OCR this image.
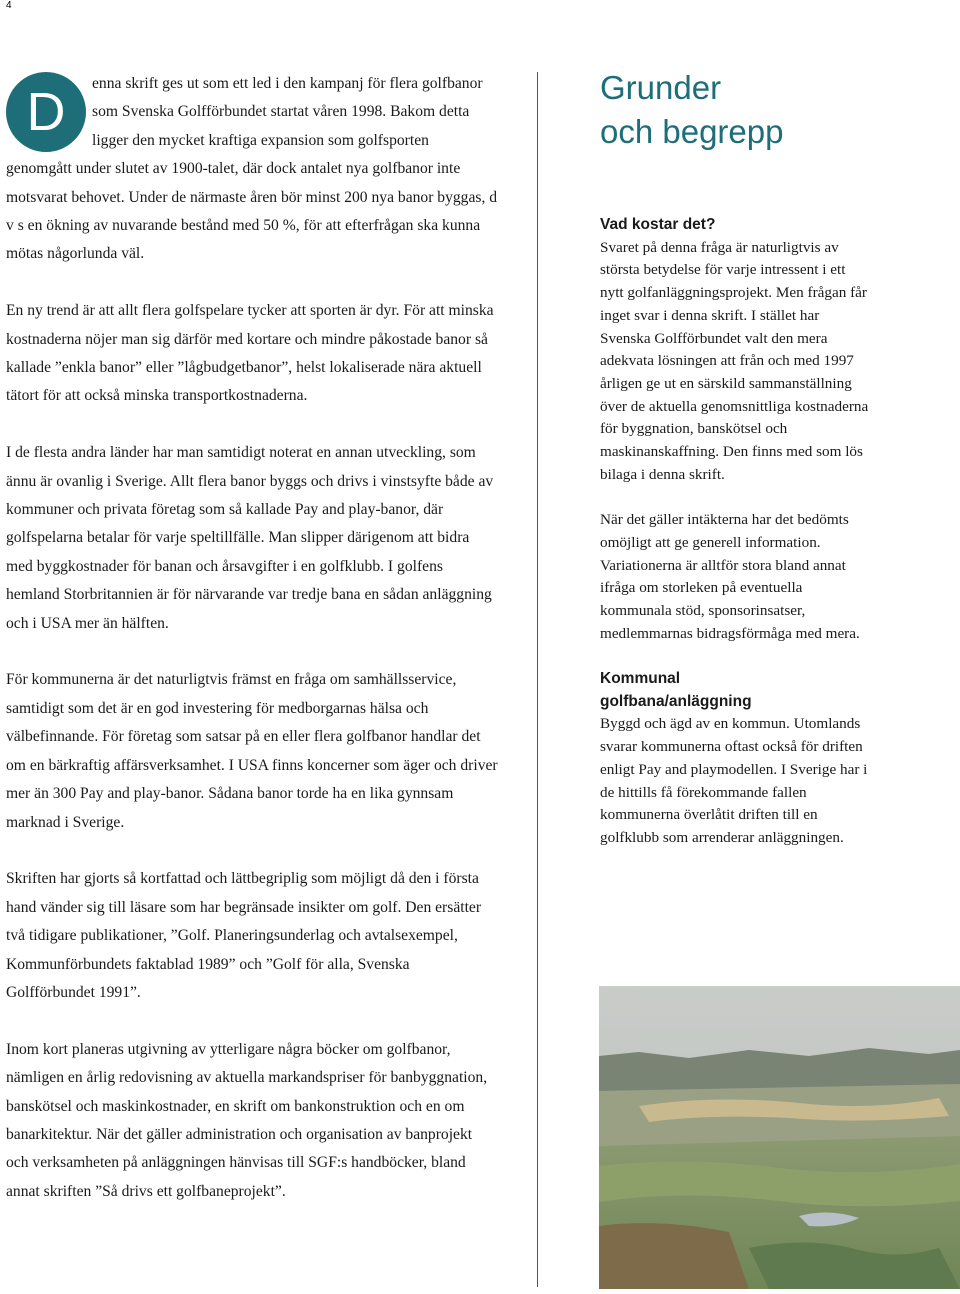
4

D	enna skrift ges ut som ett led i den kampanj för flera golfbanor som Svenska Golfförbundet startat våren 1998. Bakom detta ligger den mycket kraftiga expansion som golfsporten genomgått under slutet av 1900-talet, där dock antalet nya golfbanor inte motsvarat behovet. Under de närmaste åren bör minst 200 nya banor byggas, d v s en ökning av nuvarande bestånd med 50 %, för att efterfrågan ska kunna mötas någorlunda väl.

En ny trend är att allt flera golfspelare tycker att sporten är dyr. För att minska kostnaderna nöjer man sig därför med kortare och mindre påkostade banor så kallade ”enkla banor” eller ”lågbudgetbanor”, helst lokaliserade nära aktuell tätort för att också minska transportkostnaderna.

I de flesta andra länder har man samtidigt noterat en annan utveckling, som ännu är ovanlig i Sverige. Allt flera banor byggs och drivs i vinstsyfte både av kommuner och privata företag som så kallade Pay and play-banor, där golfspelarna betalar för varje speltillfälle. Man slipper därigenom att bidra med byggkostnader för banan och årsavgifter i en golfklubb. I golfens hemland Storbritannien är för närvarande var tredje bana en sådan anläggning och i USA mer än hälften.

För kommunerna är det naturligtvis främst en fråga om samhällsservice, samtidigt som det är en god investering för medborgarnas hälsa och välbefinnande. För företag som satsar på en eller flera golfbanor handlar det om en bärkraftig affärsverksamhet. I USA finns koncerner som äger och driver mer än 300 Pay and play-banor. Sådana banor torde ha en lika gynnsam marknad i Sverige.

Skriften har gjorts så kortfattad och lättbegriplig som möjligt då den i första hand vänder sig till läsare som har begränsade insikter om golf. Den ersätter två tidigare publikationer, ”Golf. Planeringsunderlag och avtalsexempel, Kommunförbundets faktablad 1989” och ”Golf för alla, Svenska Golfförbundet 1991”.

Inom kort planeras utgivning av ytterligare några böcker om golfbanor, nämligen en årlig redovisning av aktuella markandspriser för banbyggnation, banskötsel och maskinkostnader, en skrift om bankonstruktion och en om banarkitektur. När det gäller administration och organisation av banprojekt och verksamheten på anläggningen hänvisas till SGF:s handböcker, bland annat skriften ”Så drivs ett golfbaneprojekt”.

Grunder
och begrepp
Vad kostar det?

Svaret på denna fråga är naturligtvis av största betydelse för varje intressent i ett nytt golfanläggningsprojekt. Men frågan får inget svar i denna skrift. I stället har Svenska Golfförbundet valt den mera adekvata lösningen att från och med 1997 årligen ge ut en särskild sammanställning över de aktuella genomsnittliga kostnaderna för byggnation, banskötsel och maskinanskaffning. Den finns med som lös bilaga i denna skrift.

När det gäller intäkterna har det bedömts omöjligt att ge generell information. Variationerna är alltför stora bland annat ifråga om storleken på eventuella kommunala stöd, sponsorinsatser, medlemmarnas bidragsförmåga med mera.

Kommunal
golfbana/anläggning

Byggd och ägd av en kommun. Utomlands svarar kommunerna oftast också för driften enligt Pay and playmodellen. I Sverige har i de hittills få förekommande fallen kommunerna överlåtit driften till en golfklubb som arrenderar anläggningen.
